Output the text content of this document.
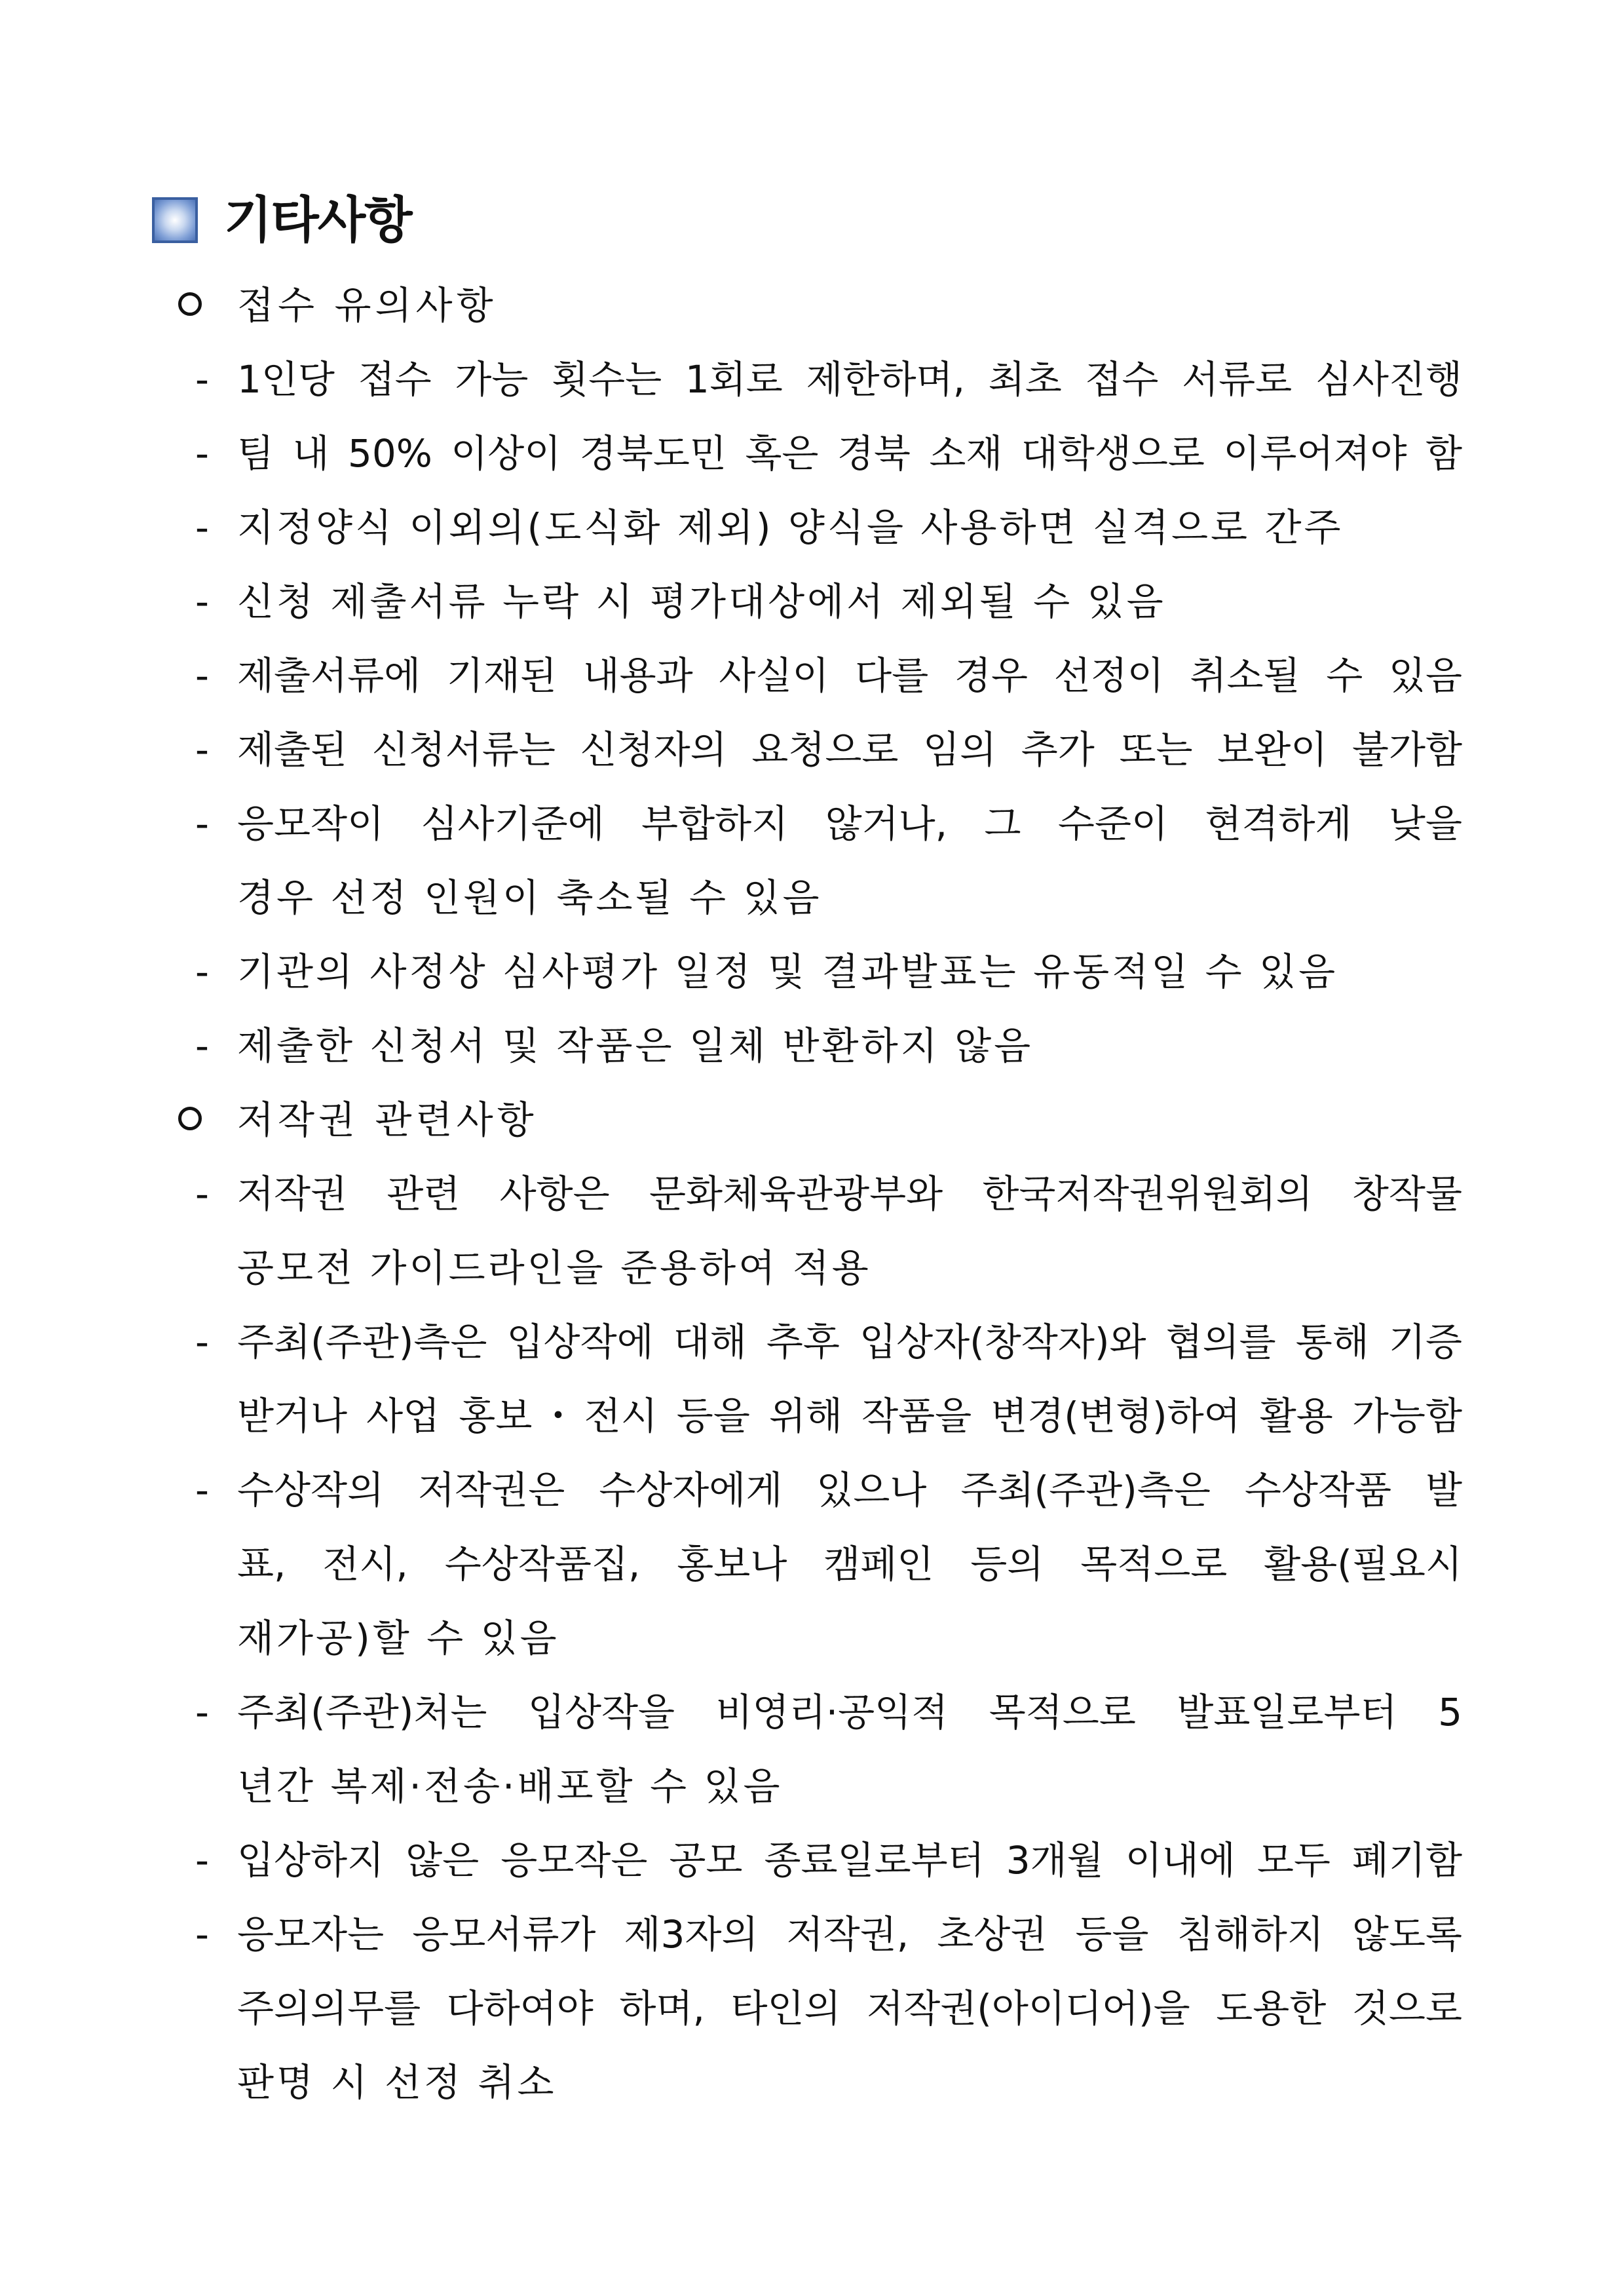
기타사항
접수 유의사항
- 1인당 접수 가능 횟수는 1회로 제한하며, 최초 접수 서류로 심사진행
- 팀 내 50% 이상이 경북도민 혹은 경북 소재 대학생으로 이루어져야 함
- 지정양식 이외의(도식화 제외) 양식을 사용하면 실격으로 간주
- 신청 제출서류 누락 시 평가대상에서 제외될 수 있음
- 제출서류에 기재된 내용과 사실이 다를 경우 선정이 취소될 수 있음
- 제출된 신청서류는 신청자의 요청으로 임의 추가 또는 보완이 불가함
- 응모작이 심사기준에 부합하지 않거나, 그 수준이 현격하게 낮을
경우 선정 인원이 축소될 수 있음
- 기관의 사정상 심사평가 일정 및 결과발표는 유동적일 수 있음
- 제출한 신청서 및 작품은 일체 반환하지 않음
저작권 관련사항
- 저작권 관련 사항은 문화체육관광부와 한국저작권위원회의 창작물
공모전 가이드라인을 준용하여 적용
- 주최(주관)측은 입상작에 대해 추후 입상자(창작자)와 협의를 통해 기증
받거나 사업 홍보・전시 등을 위해 작품을 변경(변형)하여 활용 가능함
- 수상작의 저작권은 수상자에게 있으나 주최(주관)측은 수상작품 발
표, 전시, 수상작품집, 홍보나 캠페인 등의 목적으로 활용(필요시
재가공)할 수 있음
- 주최(주관)처는 입상작을 비영리·공익적 목적으로 발표일로부터 5
년간 복제·전송·배포할 수 있음
- 입상하지 않은 응모작은 공모 종료일로부터 3개월 이내에 모두 폐기함
- 응모자는 응모서류가 제3자의 저작권, 초상권 등을 침해하지 않도록
주의의무를 다하여야 하며, 타인의 저작권(아이디어)을 도용한 것으로
판명 시 선정 취소
